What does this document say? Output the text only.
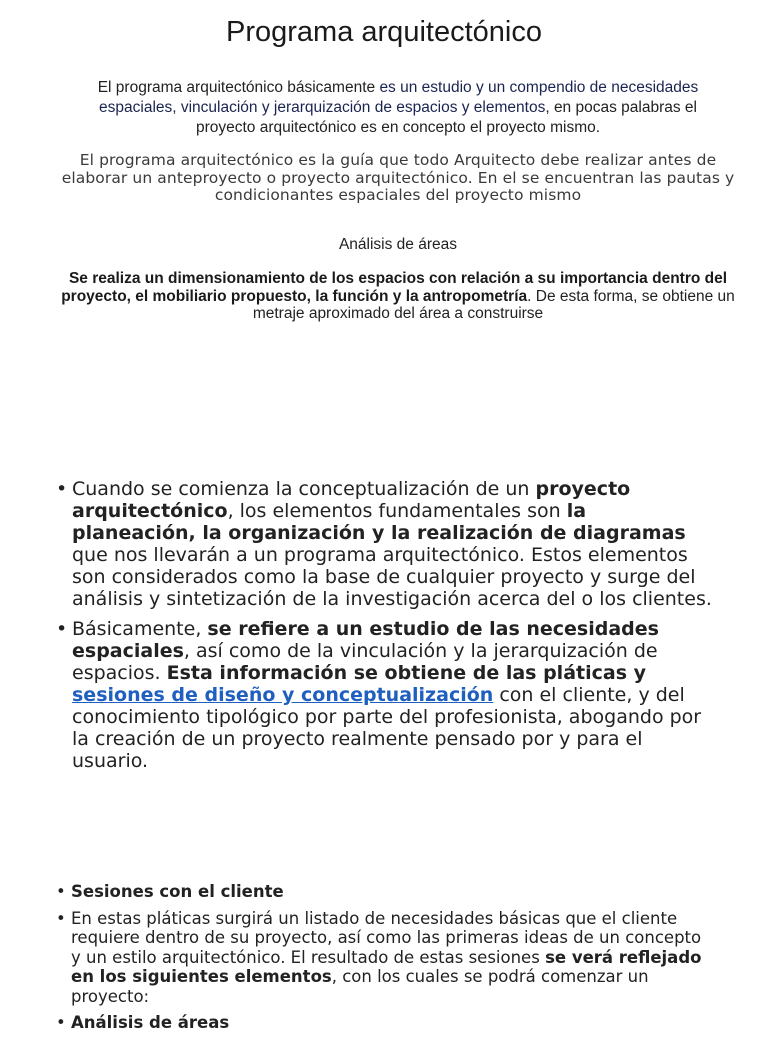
Programa arquitectónico
El programa arquitectónico básicamente es un estudio y un compendio de necesidades espaciales, vinculación y jerarquización de espacios y elementos, en pocas palabras el proyecto arquitectónico es en concepto el proyecto mismo.
El programa arquitectónico es la guía que todo Arquitecto debe realizar antes de elaborar un anteproyecto o proyecto arquitectónico. En el se encuentran las pautas y condicionantes espaciales del proyecto mismo
Análisis de áreas
Se realiza un dimensionamiento de los espacios con relación a su importancia dentro del proyecto, el mobiliario propuesto, la función y la antropometría. De esta forma, se obtiene un metraje aproximado del área a construirse
• Cuando se comienza la conceptualización de un proyecto arquitectónico, los elementos fundamentales son la planeación, la organización y la realización de diagramas que nos llevarán a un programa arquitectónico. Estos elementos son considerados como la base de cualquier proyecto y surge del análisis y sintetización de la investigación acerca del o los clientes.
• Básicamente, se refiere a un estudio de las necesidades espaciales, así como de la vinculación y la jerarquización de espacios. Esta información se obtiene de las pláticas y sesiones de diseño y conceptualización con el cliente, y del conocimiento tipológico por parte del profesionista, abogando por la creación de un proyecto realmente pensado por y para el usuario.
• Sesiones con el cliente
• En estas pláticas surgirá un listado de necesidades básicas que el cliente requiere dentro de su proyecto, así como las primeras ideas de un concepto y un estilo arquitectónico. El resultado de estas sesiones se verá reflejado en los siguientes elementos, con los cuales se podrá comenzar un proyecto:
• Análisis de áreas
